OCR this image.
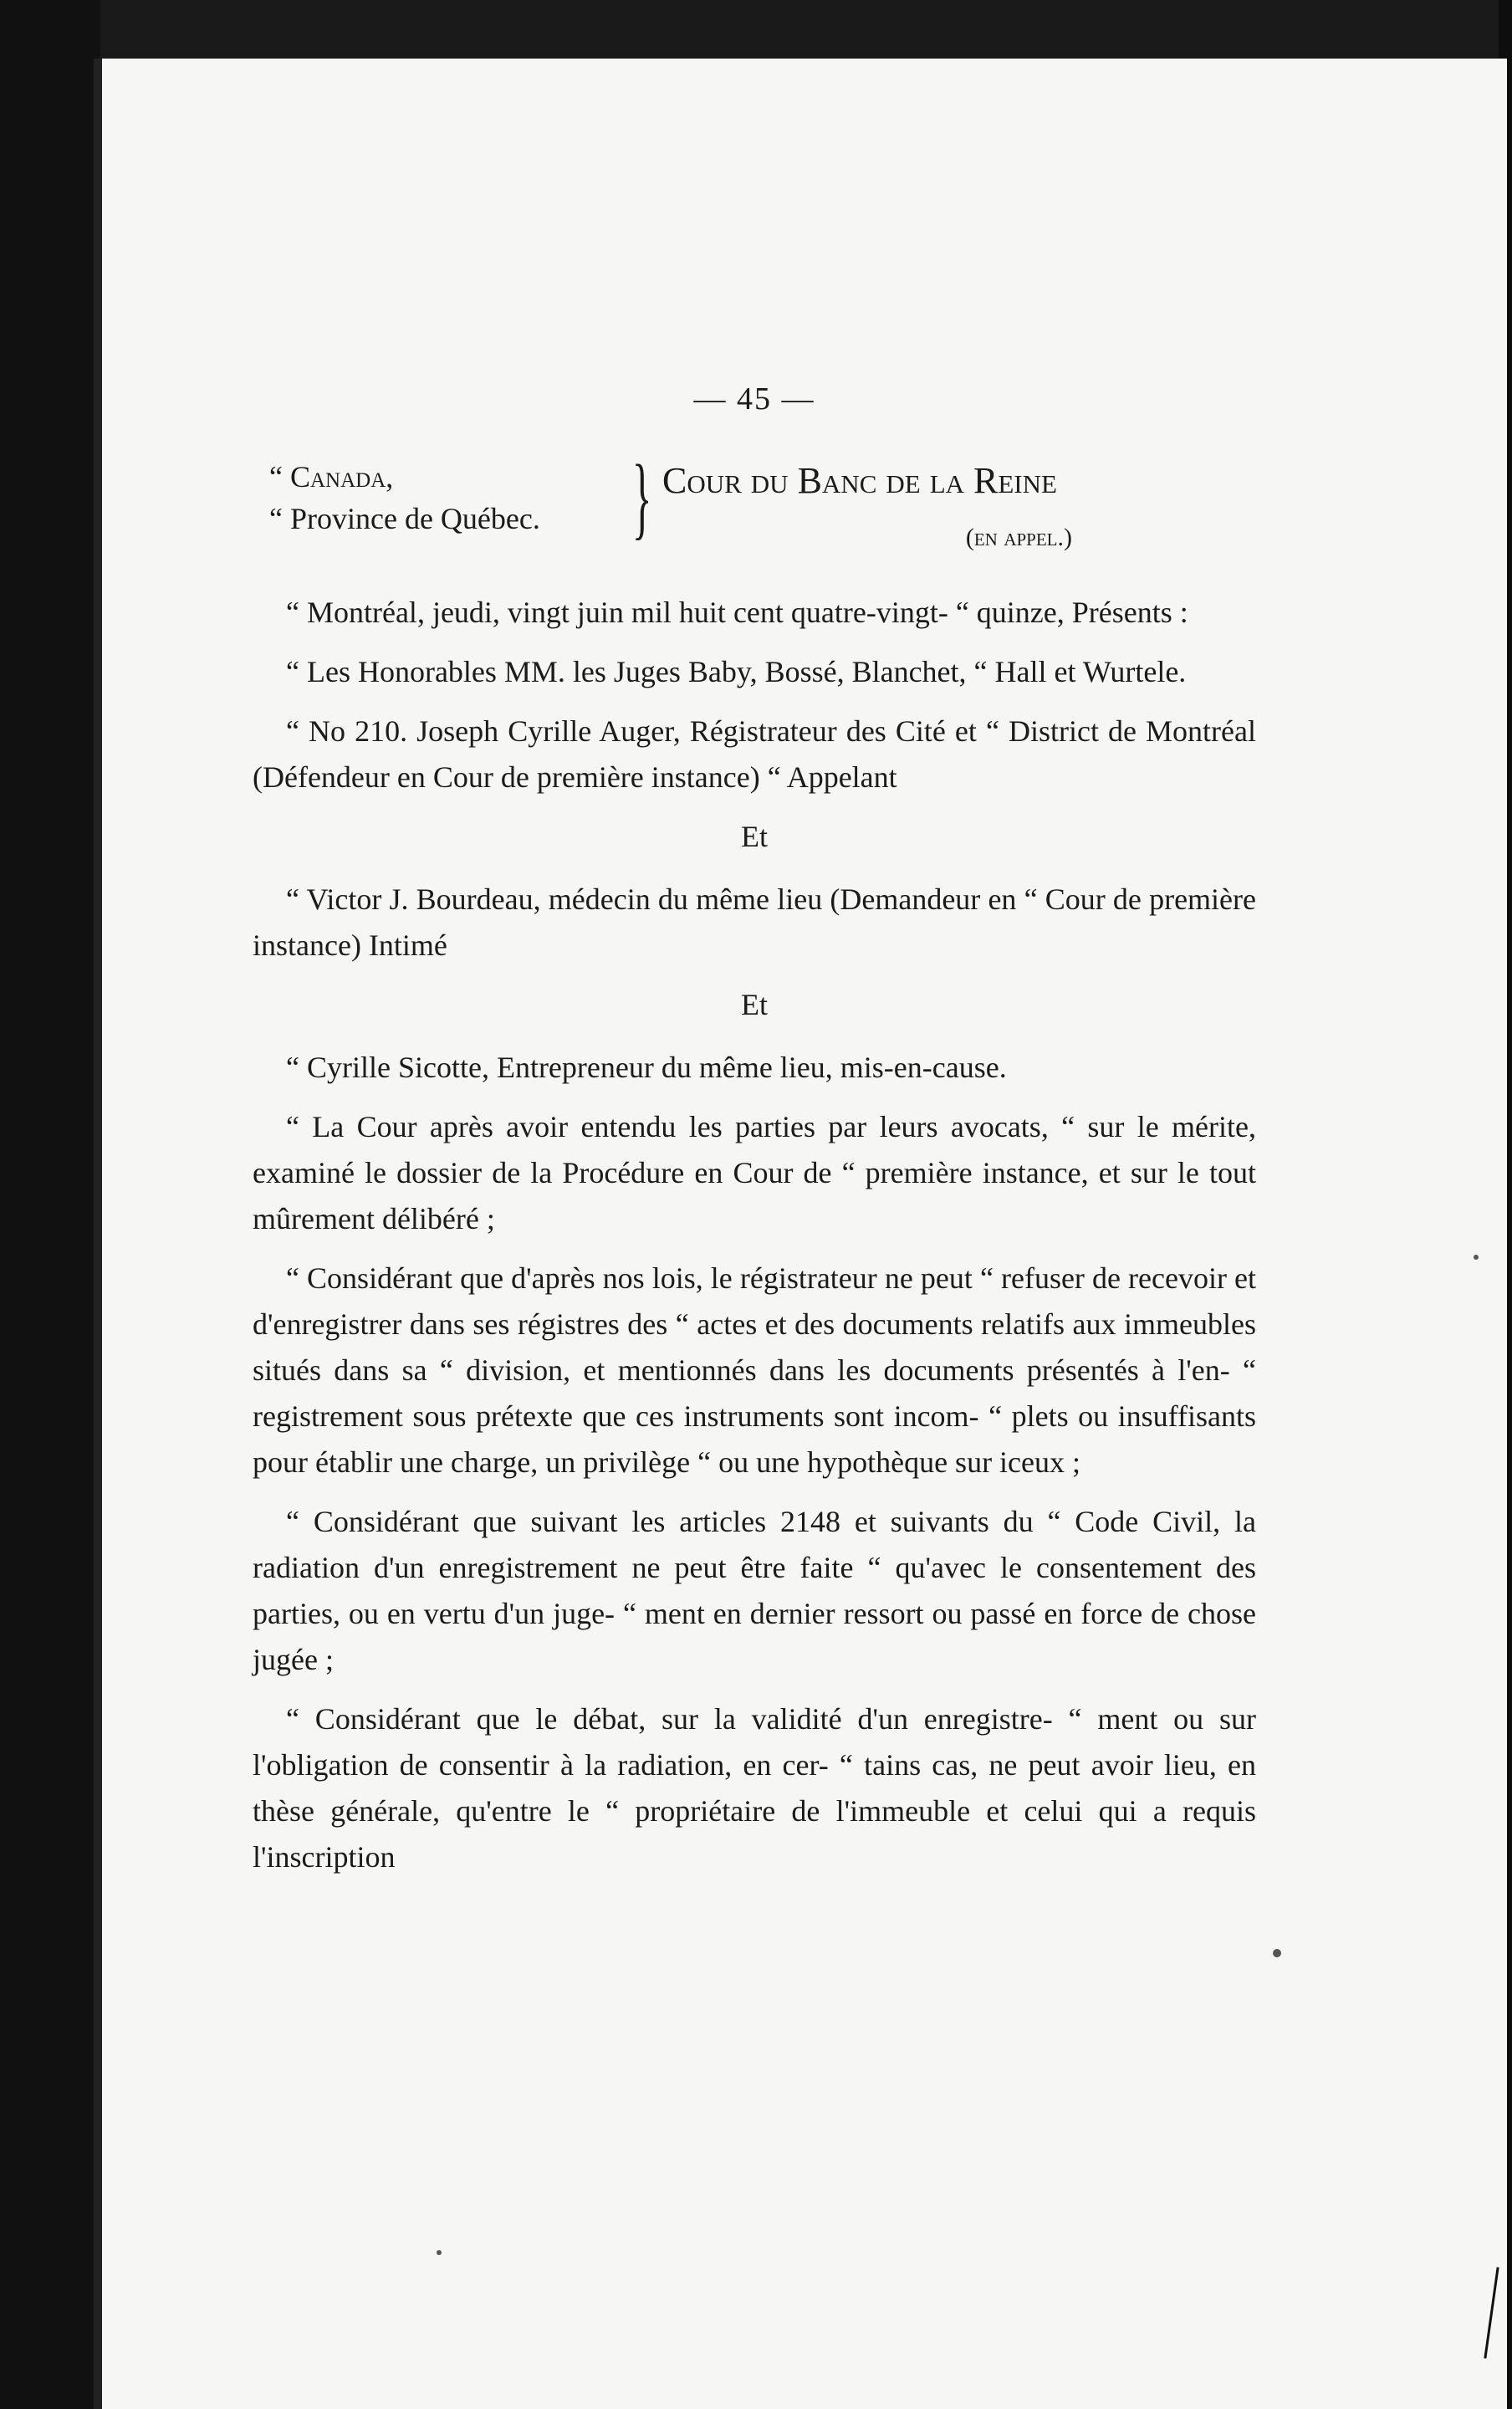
— 45 —
“ Canada,
“ Province de Québec. } Cour du Banc de la Reine
(en appel.)

“ Montréal, jeudi, vingt juin mil huit cent quatre-vingt- “ quinze, Présents :

“ Les Honorables MM. les Juges Baby, Bossé, Blanchet, “ Hall et Wurtele.

“ No 210. Joseph Cyrille Auger, Régistrateur des Cité et “ District de Montréal (Défendeur en Cour de première instance) “ Appelant

Et

“ Victor J. Bourdeau, médecin du même lieu (Demandeur en “ Cour de première instance) Intimé

Et

“ Cyrille Sicotte, Entrepreneur du même lieu, mis-en-cause.

“ La Cour après avoir entendu les parties par leurs avocats, “ sur le mérite, examiné le dossier de la Procédure en Cour de “ première instance, et sur le tout mûrement délibéré ;

“ Considérant que d'après nos lois, le régistrateur ne peut “ refuser de recevoir et d'enregistrer dans ses régistres des “ actes et des documents relatifs aux immeubles situés dans sa “ division, et mentionnés dans les documents présentés à l'en- “ registrement sous prétexte que ces instruments sont incom- “ plets ou insuffisants pour établir une charge, un privilège “ ou une hypothèque sur iceux ;

“ Considérant que suivant les articles 2148 et suivants du “ Code Civil, la radiation d'un enregistrement ne peut être faite “ qu'avec le consentement des parties, ou en vertu d'un juge- “ ment en dernier ressort ou passé en force de chose jugée ;

“ Considérant que le débat, sur la validité d'un enregistre- “ ment ou sur l'obligation de consentir à la radiation, en cer- “ tains cas, ne peut avoir lieu, en thèse générale, qu'entre le “ propriétaire de l'immeuble et celui qui a requis l'inscription
